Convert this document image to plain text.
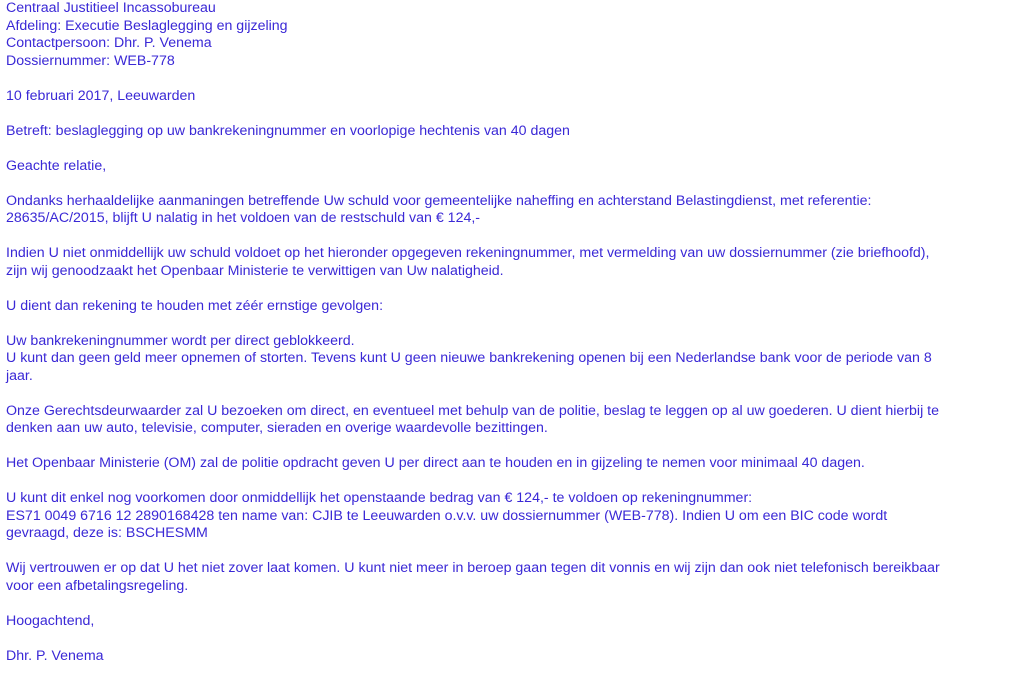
Centraal Justitieel Incassobureau
Afdeling: Executie Beslaglegging en gijzeling
Contactpersoon: Dhr. P. Venema
Dossiernummer: WEB-778
10 februari 2017, Leeuwarden
Betreft: beslaglegging op uw bankrekeningnummer en voorlopige hechtenis van 40 dagen
Geachte relatie,
Ondanks herhaaldelijke aanmaningen betreffende Uw schuld voor gemeentelijke naheffing en achterstand Belastingdienst, met referentie:
28635/AC/2015, blijft U nalatig in het voldoen van de restschuld van € 124,-
Indien U niet onmiddellijk uw schuld voldoet op het hieronder opgegeven rekeningnummer, met vermelding van uw dossiernummer (zie briefhoofd),
zijn wij genoodzaakt het Openbaar Ministerie te verwittigen van Uw nalatigheid.
U dient dan rekening te houden met zéér ernstige gevolgen:
Uw bankrekeningnummer wordt per direct geblokkeerd.
U kunt dan geen geld meer opnemen of storten. Tevens kunt U geen nieuwe bankrekening openen bij een Nederlandse bank voor de periode van 8
jaar.
Onze Gerechtsdeurwaarder zal U bezoeken om direct, en eventueel met behulp van de politie, beslag te leggen op al uw goederen. U dient hierbij te
denken aan uw auto, televisie, computer, sieraden en overige waardevolle bezittingen.
Het Openbaar Ministerie (OM) zal de politie opdracht geven U per direct aan te houden en in gijzeling te nemen voor minimaal 40 dagen.
U kunt dit enkel nog voorkomen door onmiddellijk het openstaande bedrag van € 124,- te voldoen op rekeningnummer:
ES71 0049 6716 12 2890168428 ten name van: CJIB te Leeuwarden o.v.v. uw dossiernummer (WEB-778). Indien U om een BIC code wordt
gevraagd, deze is: BSCHESMM
Wij vertrouwen er op dat U het niet zover laat komen. U kunt niet meer in beroep gaan tegen dit vonnis en wij zijn dan ook niet telefonisch bereikbaar
voor een afbetalingsregeling.
Hoogachtend,
Dhr. P. Venema
